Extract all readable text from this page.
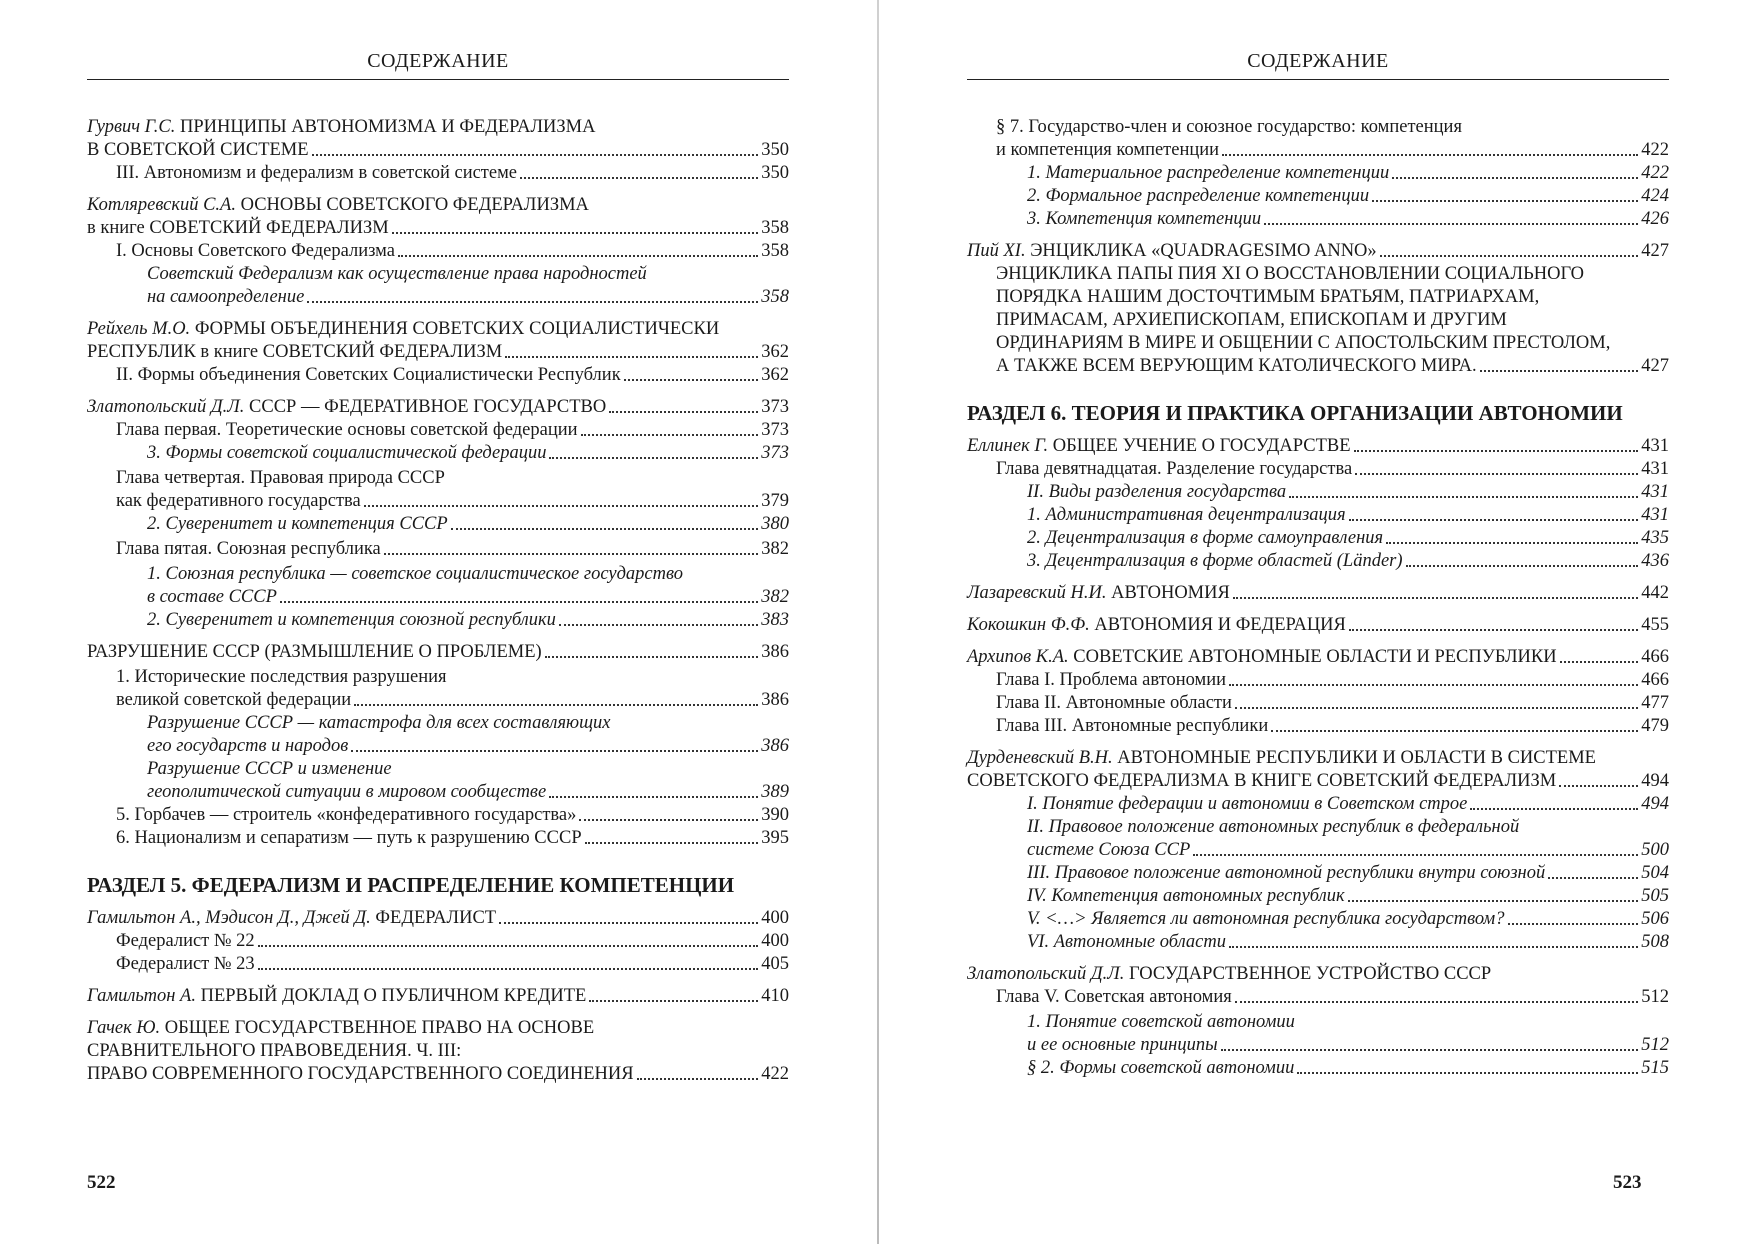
СОДЕРЖАНИЕ
Гурвич Г.С. ПРИНЦИПЫ АВТОНОМИЗМА И ФЕДЕРАЛИЗМА
В СОВЕТСКОЙ СИСТЕМЕ	350
III. Автономизм и федерализм в советской системе	350
Котляревский С.А. ОСНОВЫ СОВЕТСКОГО ФЕДЕРАЛИЗМА
в книге СОВЕТСКИЙ ФЕДЕРАЛИЗМ	358
I. Основы Советского Федерализма	358
Советский Федерализм как осуществление права народностей
на самоопределение	358
Рейхель М.О. ФОРМЫ ОБЪЕДИНЕНИЯ СОВЕТСКИХ СОЦИАЛИСТИЧЕСКИ
РЕСПУБЛИК в книге СОВЕТСКИЙ ФЕДЕРАЛИЗМ	362
II. Формы объединения Советских Социалистически Республик	362
Златопольский Д.Л. СССР — ФЕДЕРАТИВНОЕ ГОСУДАРСТВО	373
Глава первая. Теоретические основы советской федерации	373
3. Формы советской социалистической федерации	373
Глава четвертая. Правовая природа СССР
как федеративного государства	379
2. Суверенитет и компетенция СССР	380
Глава пятая. Союзная республика	382
1. Союзная республика — советское социалистическое государство
в составе СССР	382
2. Суверенитет и компетенция союзной республики	383
РАЗРУШЕНИЕ СССР (РАЗМЫШЛЕНИЕ О ПРОБЛЕМЕ)	386
1. Исторические последствия разрушения
великой советской федерации	386
Разрушение СССР — катастрофа для всех составляющих
его государств и народов	386
Разрушение СССР и изменение
геополитической ситуации в мировом сообществе	389
5. Горбачев — строитель «конфедеративного государства»	390
6. Национализм и сепаратизм — путь к разрушению СССР	395
РАЗДЕЛ 5. ФЕДЕРАЛИЗМ И РАСПРЕДЕЛЕНИЕ КОМПЕТЕНЦИИ
Гамильтон А., Мэдисон Д., Джей Д. ФЕДЕРАЛИСТ	400
Федералист № 22	400
Федералист № 23	405
Гамильтон А. ПЕРВЫЙ ДОКЛАД О ПУБЛИЧНОМ КРЕДИТЕ	410
Гачек Ю. ОБЩЕЕ ГОСУДАРСТВЕННОЕ ПРАВО НА ОСНОВЕ
СРАВНИТЕЛЬНОГО ПРАВОВЕДЕНИЯ. Ч. III:
ПРАВО СОВРЕМЕННОГО ГОСУДАРСТВЕННОГО СОЕДИНЕНИЯ	422
522
СОДЕРЖАНИЕ
§ 7. Государство-член и союзное государство: компетенция
и компетенция компетенции	422
1. Материальное распределение компетенции	422
2. Формальное распределение компетенции	424
3. Компетенция компетенции	426
Пий XI. ЭНЦИКЛИКА «QUADRAGESIMO ANNO»	427
ЭНЦИКЛИКА ПАПЫ ПИЯ XI О ВОССТАНОВЛЕНИИ СОЦИАЛЬНОГО
ПОРЯДКА НАШИМ ДОСТОЧТИМЫМ БРАТЬЯМ, ПАТРИАРХАМ,
ПРИМАСАМ, АРХИЕПИСКОПАМ, ЕПИСКОПАМ И ДРУГИМ
ОРДИНАРИЯМ В МИРЕ И ОБЩЕНИИ С АПОСТОЛЬСКИМ ПРЕСТОЛОМ,
А ТАКЖЕ ВСЕМ ВЕРУЮЩИМ КАТОЛИЧЕСКОГО МИРА.	427
РАЗДЕЛ 6. ТЕОРИЯ И ПРАКТИКА ОРГАНИЗАЦИИ АВТОНОМИИ
Еллинек Г. ОБЩЕЕ УЧЕНИЕ О ГОСУДАРСТВЕ	431
Глава девятнадцатая. Разделение государства	431
II. Виды разделения государства	431
1. Административная децентрализация	431
2. Децентрализация в форме самоуправления	435
3. Децентрализация в форме областей (Länder)	436
Лазаревский Н.И. АВТОНОМИЯ	442
Кокошкин Ф.Ф. АВТОНОМИЯ И ФЕДЕРАЦИЯ	455
Архипов К.А. СОВЕТСКИЕ АВТОНОМНЫЕ ОБЛАСТИ И РЕСПУБЛИКИ	466
Глава I. Проблема автономии	466
Глава II. Автономные области	477
Глава III. Автономные республики	479
Дурденевский В.Н. АВТОНОМНЫЕ РЕСПУБЛИКИ И ОБЛАСТИ В СИСТЕМЕ
СОВЕТСКОГО ФЕДЕРАЛИЗМА В КНИГЕ СОВЕТСКИЙ ФЕДЕРАЛИЗМ	494
I. Понятие федерации и автономии в Советском строе	494
II. Правовое положение автономных республик в федеральной
системе Союза ССР	500
III. Правовое положение автономной республики внутри союзной	504
IV. Компетенция автономных республик	505
V. <…> Является ли автономная республика государством?	506
VI. Автономные области	508
Златопольский Д.Л. ГОСУДАРСТВЕННОЕ УСТРОЙСТВО СССР
Глава V. Советская автономия	512
1. Понятие советской автономии
и ее основные принципы	512
§ 2. Формы советской автономии	515
523
